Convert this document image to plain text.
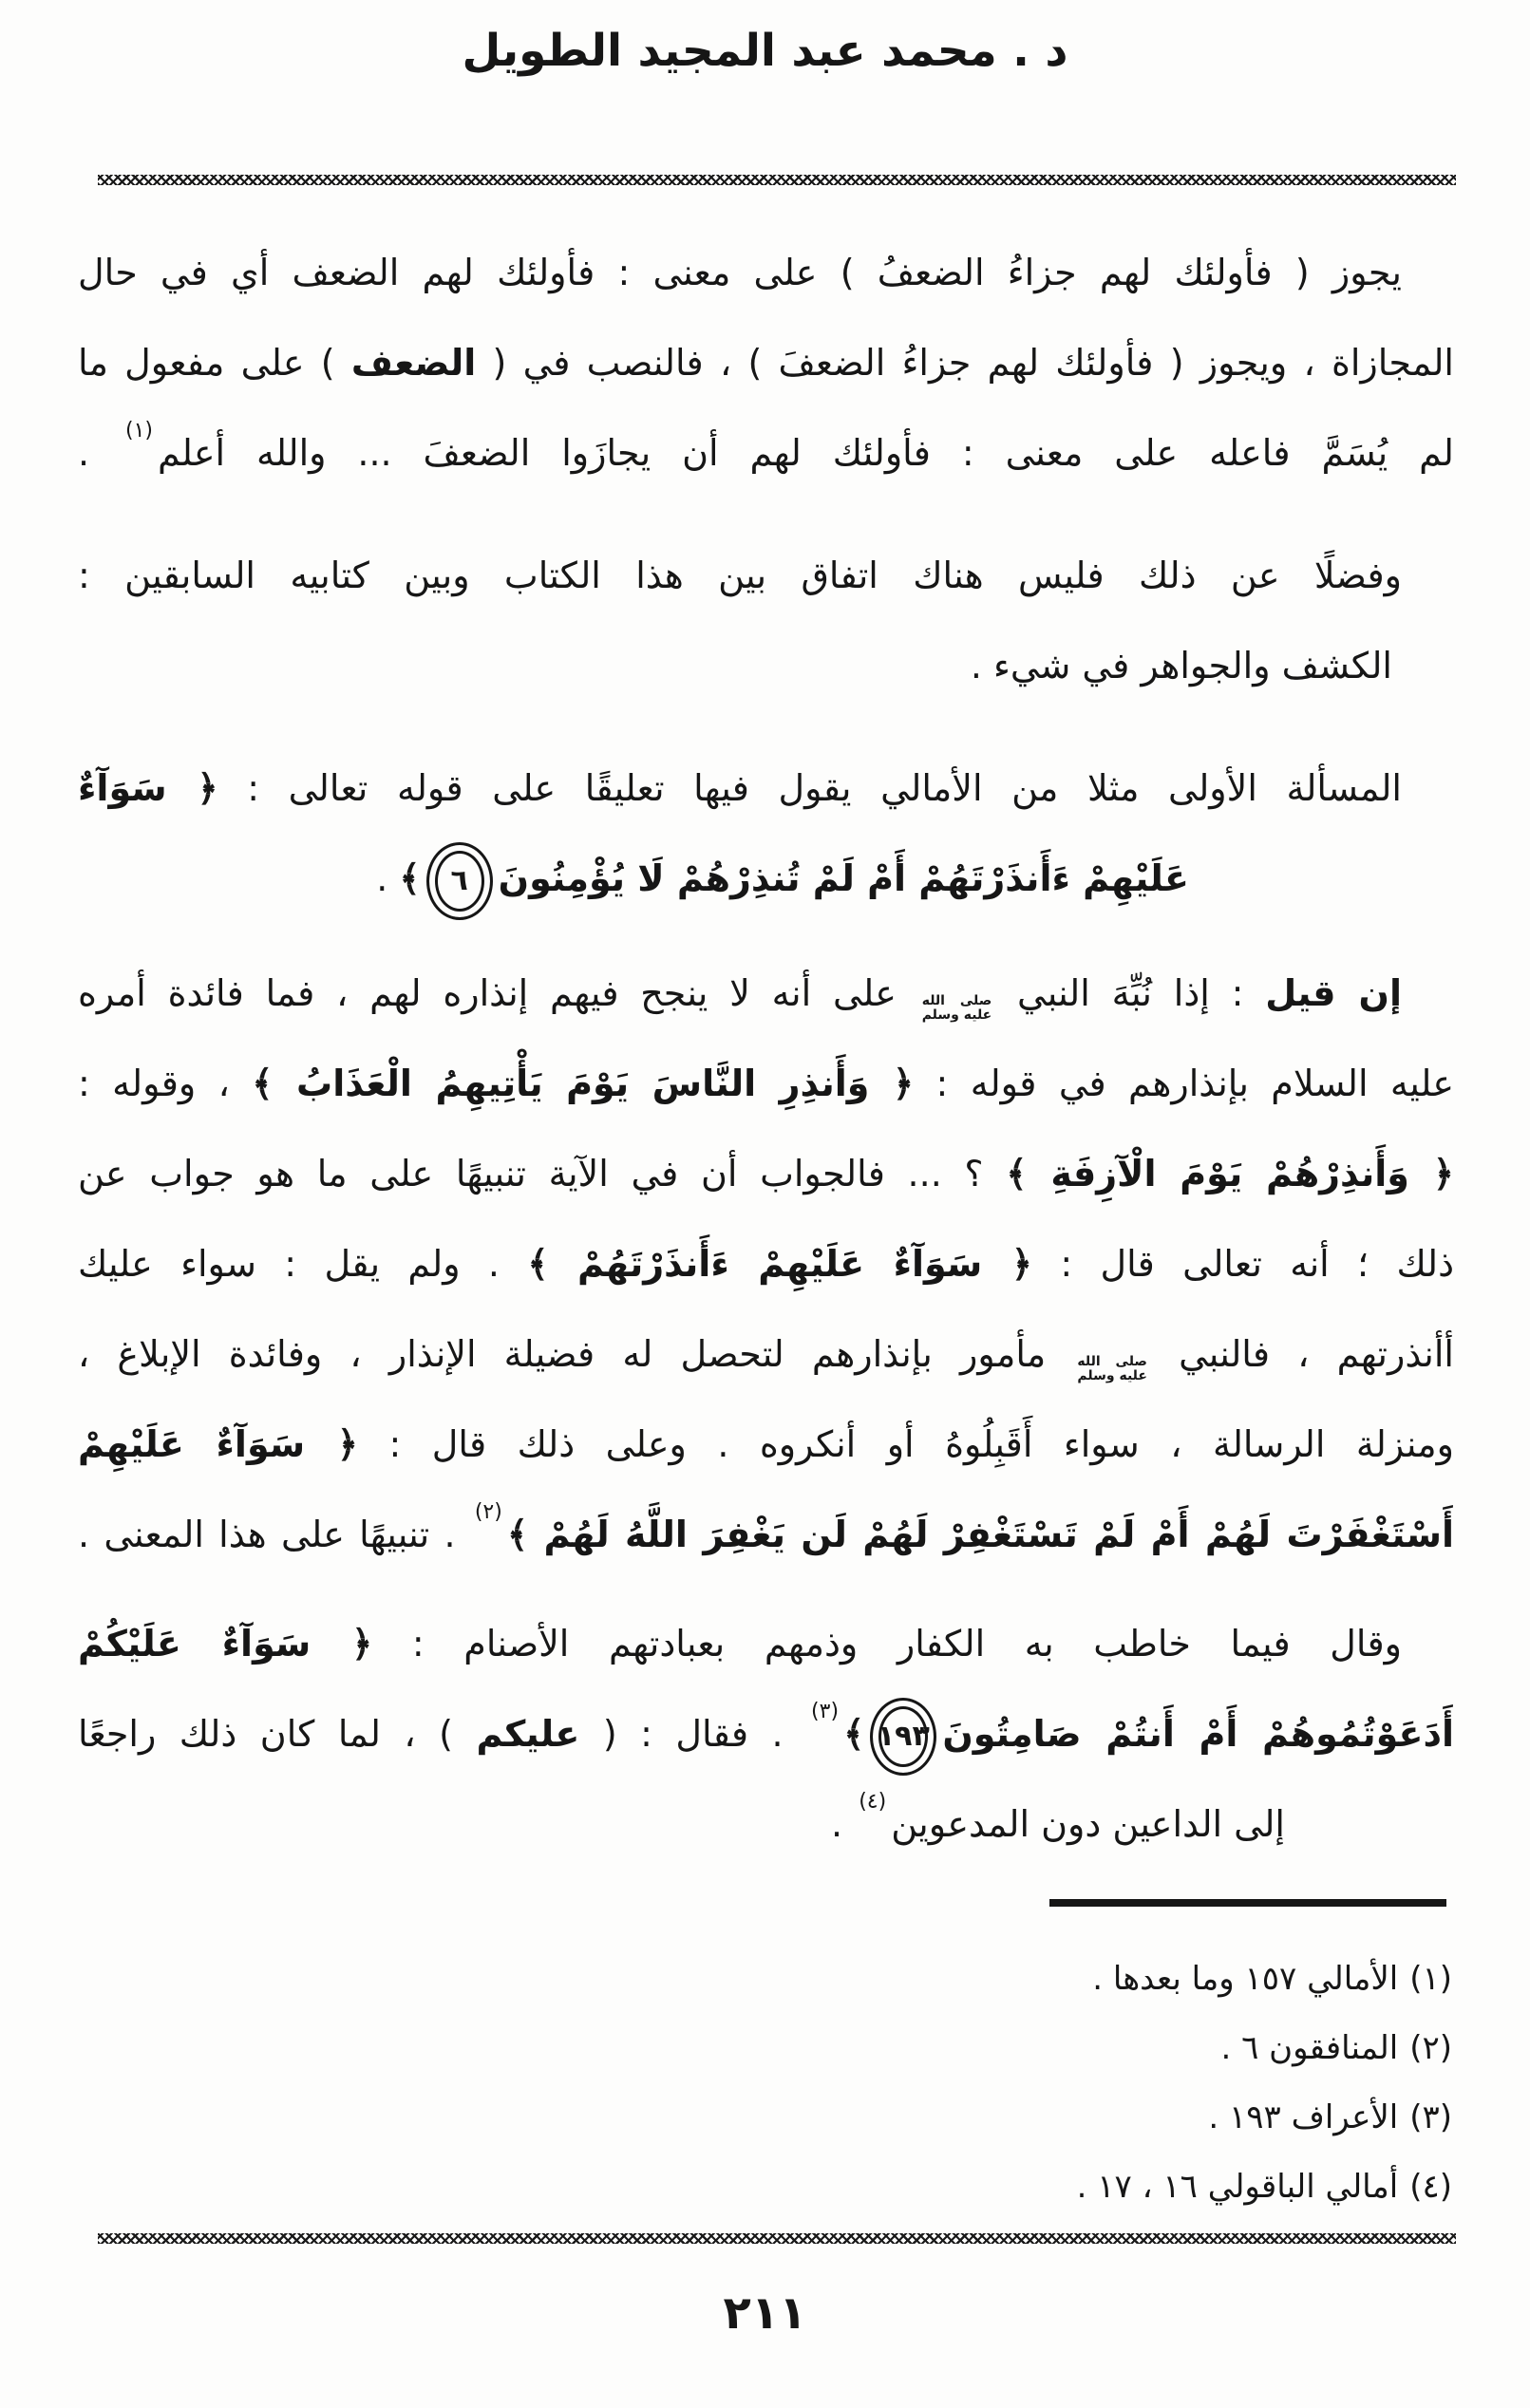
د . محمد عبد المجيد الطويل
يجوز ( فأولئك لهم جزاءُ الضعفُ ) على معنى : فأولئك لهم الضعف أي في حال
المجازاة ، ويجوز ( فأولئك لهم جزاءُ الضعفَ ) ، فالنصب في ( الضعف ) على مفعول ما
لم يُسَمَّ فاعله على معنى : فأولئك لهم أن يجازَوا الضعفَ ... والله أعلم(١) .
وفضلًا عن ذلك فليس هناك اتفاق بين هذا الكتاب وبين كتابيه السابقين :
الكشف والجواهر في شيء .
المسألة الأولى مثلا من الأمالي يقول فيها تعليقًا على قوله تعالى : ﴿ سَوَآءٌ
عَلَيْهِمْ ءَأَنذَرْتَهُمْ أَمْ لَمْ تُنذِرْهُمْ لَا يُؤْمِنُونَ٦﴾ .
إن قيل : إذا نُبِّهَ النبي
صلى الله
عليه وسلم
على أنه لا ينجح فيهم إنذاره لهم ، فما فائدة أمره
عليه السلام بإنذارهم في قوله : ﴿ وَأَنذِرِ النَّاسَ يَوْمَ يَأْتِيهِمُ الْعَذَابُ ﴾ ، وقوله :
﴿ وَأَنذِرْهُمْ يَوْمَ الْآزِفَةِ ﴾ ؟ ... فالجواب أن في الآية تنبيهًا على ما هو جواب عن
ذلك ؛ أنه تعالى قال : ﴿ سَوَآءٌ عَلَيْهِمْ ءَأَنذَرْتَهُمْ ﴾ . ولم يقل : سواء عليك
أأنذرتهم ، فالنبي
صلى الله
عليه وسلم
مأمور بإنذارهم لتحصل له فضيلة الإنذار ، وفائدة الإبلاغ ،
ومنزلة الرسالة ، سواء أَقَبِلُوهُ أو أنكروه . وعلى ذلك قال : ﴿ سَوَآءٌ عَلَيْهِمْ
أَسْتَغْفَرْتَ لَهُمْ أَمْ لَمْ تَسْتَغْفِرْ لَهُمْ لَن يَغْفِرَ اللَّهُ لَهُمْ ﴾(٢) . تنبيهًا على هذا المعنى .
وقال فيما خاطب به الكفار وذمهم بعبادتهم الأصنام : ﴿ سَوَآءٌ عَلَيْكُمْ
أَدَعَوْتُمُوهُمْ أَمْ أَنتُمْ صَامِتُونَ١٩٣﴾(٣) . فقال : ( عليكم ) ، لما كان ذلك راجعًا
إلى الداعين دون المدعوين(٤) .
(١)الأمالي ١٥٧ وما بعدها .
(٢)المنافقون ٦ .
(٣)الأعراف ١٩٣ .
(٤)أمالي الباقولي ١٦ ، ١٧ .
٢١١
